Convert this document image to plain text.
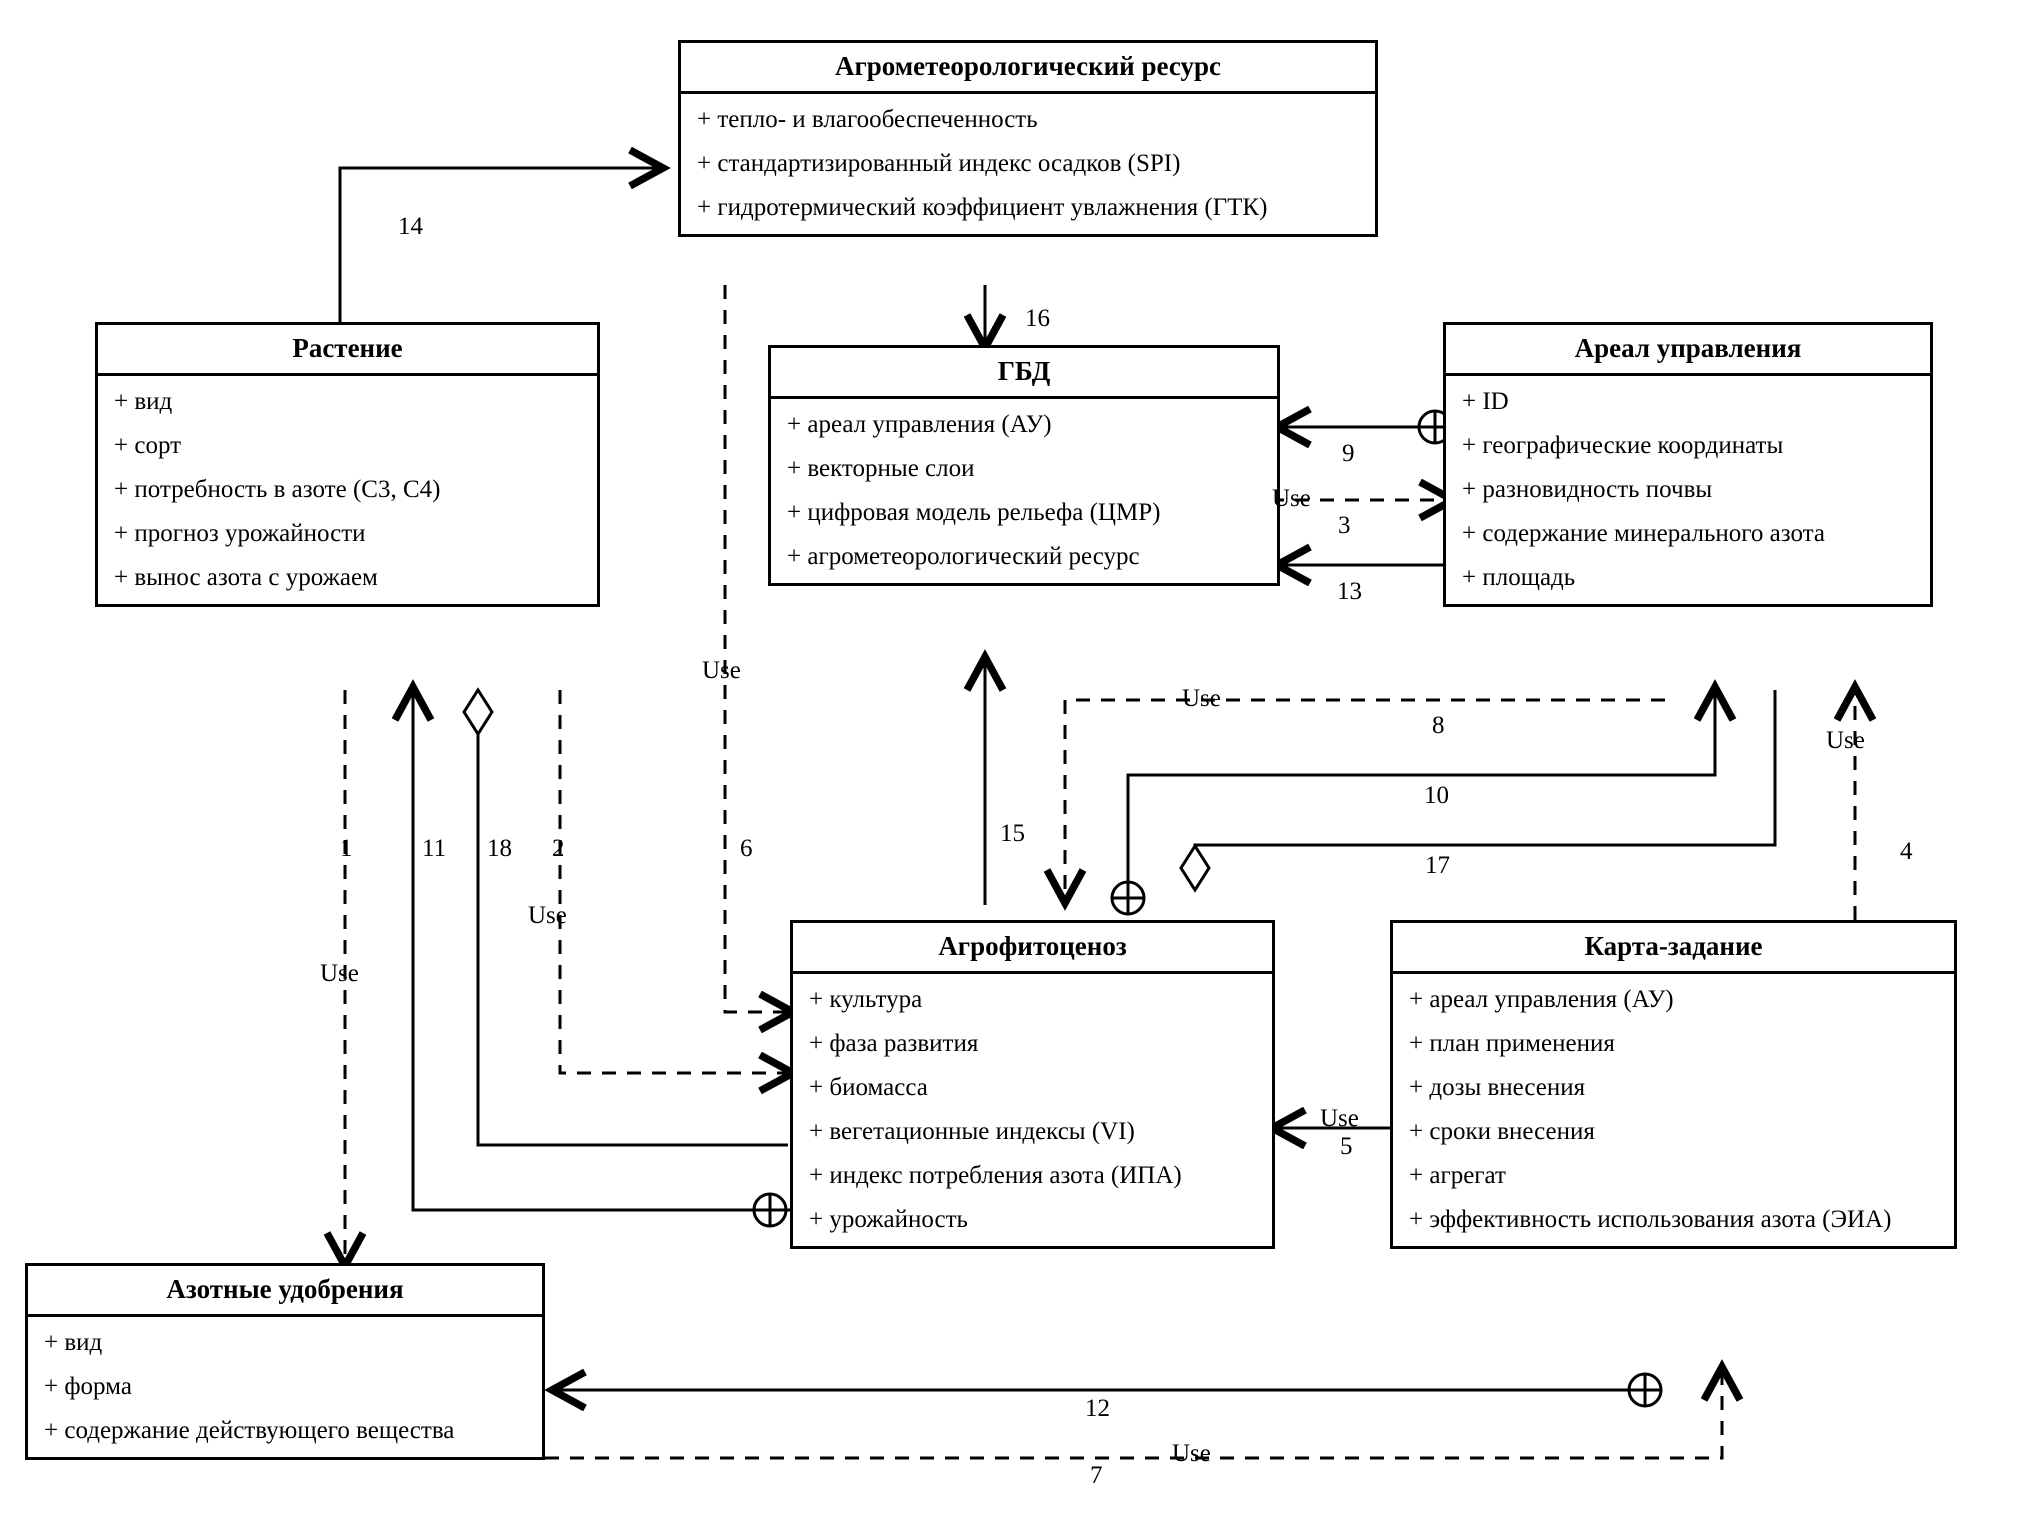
Агрометеорологический ресурс
+ тепло- и влагообеспеченность
+ стандартизированный индекс осадков (SPI)
+ гидротермический коэффициент увлажнения (ГТК)
Растение
+ вид
+ сорт
+ потребность в азоте (С3, С4)
+ прогноз урожайности
+ вынос азота с урожаем
ГБД
+ ареал управления (АУ)
+ векторные слои
+ цифровая модель рельефа (ЦМР)
+ агрометеорологический ресурс
Ареал управления
+ ID
+ географические координаты
+ разновидность почвы
+ содержание минерального азота
+ площадь
Агрофитоценоз
+ культура
+ фаза развития
+ биомасса
+ вегетационные индексы (VI)
+ индекс потребления азота (ИПА)
+ урожайность
Карта-задание
+ ареал управления (АУ)
+ план применения
+ дозы внесения
+ сроки внесения
+ агрегат
+ эффективность использования азота (ЭИА)
Азотные удобрения
+ вид
+ форма
+ содержание действующего вещества
14
16
9
3
13
8
10
17
4
15
1	11 18 2	6
5
12
7
Use
Use
Use
Use
Use
Use
Use
Use
